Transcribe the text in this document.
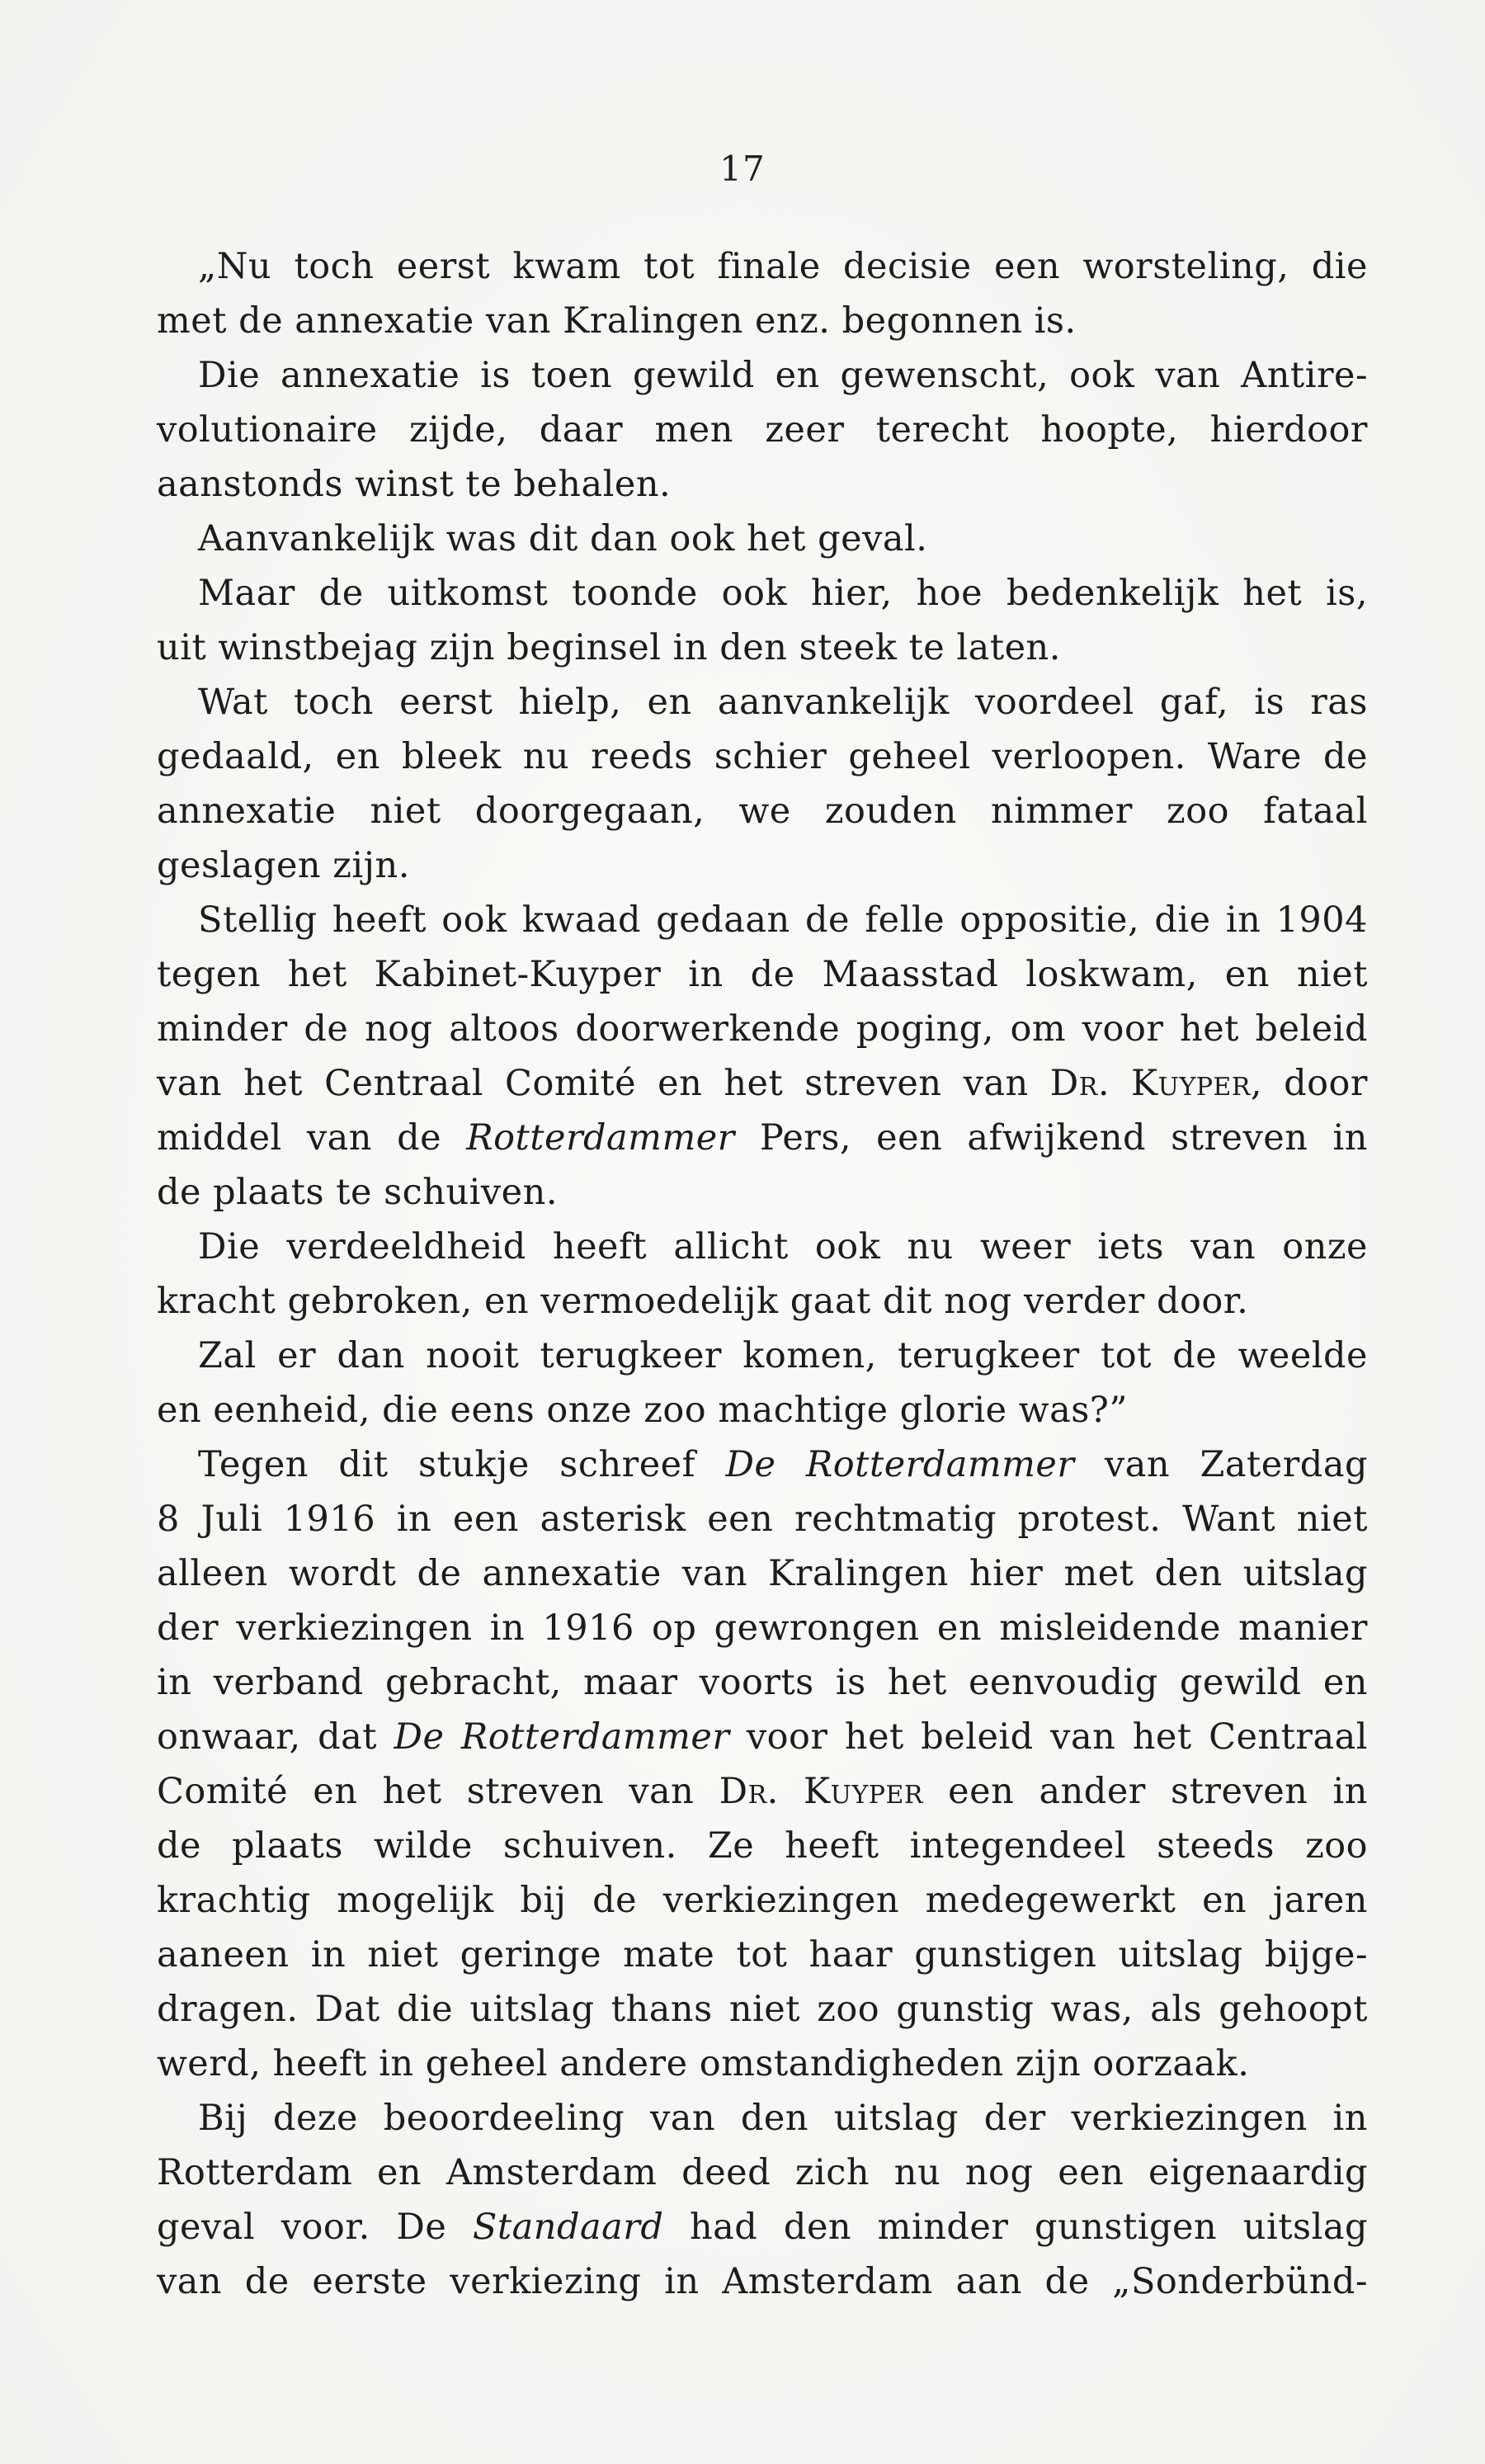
17
„Nu toch eerst kwam tot finale decisie een worsteling, die
met de annexatie van Kralingen enz. begonnen is.
Die annexatie is toen gewild en gewenscht, ook van Antire-
volutionaire zijde, daar men zeer terecht hoopte, hierdoor
aanstonds winst te behalen.
Aanvankelijk was dit dan ook het geval.
Maar de uitkomst toonde ook hier, hoe bedenkelijk het is,
uit winstbejag zijn beginsel in den steek te laten.
Wat toch eerst hielp, en aanvankelijk voordeel gaf, is ras
gedaald, en bleek nu reeds schier geheel verloopen. Ware de
annexatie niet doorgegaan, we zouden nimmer zoo fataal
geslagen zijn.
Stellig heeft ook kwaad gedaan de felle oppositie, die in 1904
tegen het Kabinet-Kuyper in de Maasstad loskwam, en niet
minder de nog altoos doorwerkende poging, om voor het beleid
van het Centraal Comité en het streven van Dr. Kuyper, door
middel van de Rotterdammer Pers, een afwijkend streven in
de plaats te schuiven.
Die verdeeldheid heeft allicht ook nu weer iets van onze
kracht gebroken, en vermoedelijk gaat dit nog verder door.
Zal er dan nooit terugkeer komen, terugkeer tot de weelde
en eenheid, die eens onze zoo machtige glorie was?”
Tegen dit stukje schreef De Rotterdammer van Zaterdag
8 Juli 1916 in een asterisk een rechtmatig protest. Want niet
alleen wordt de annexatie van Kralingen hier met den uitslag
der verkiezingen in 1916 op gewrongen en misleidende manier
in verband gebracht, maar voorts is het eenvoudig gewild en
onwaar, dat De Rotterdammer voor het beleid van het Centraal
Comité en het streven van Dr. Kuyper een ander streven in
de plaats wilde schuiven. Ze heeft integendeel steeds zoo
krachtig mogelijk bij de verkiezingen medegewerkt en jaren
aaneen in niet geringe mate tot haar gunstigen uitslag bijge-
dragen. Dat die uitslag thans niet zoo gunstig was, als gehoopt
werd, heeft in geheel andere omstandigheden zijn oorzaak.
Bij deze beoordeeling van den uitslag der verkiezingen in
Rotterdam en Amsterdam deed zich nu nog een eigenaardig
geval voor. De Standaard had den minder gunstigen uitslag
van de eerste verkiezing in Amsterdam aan de „Sonderbünd-
